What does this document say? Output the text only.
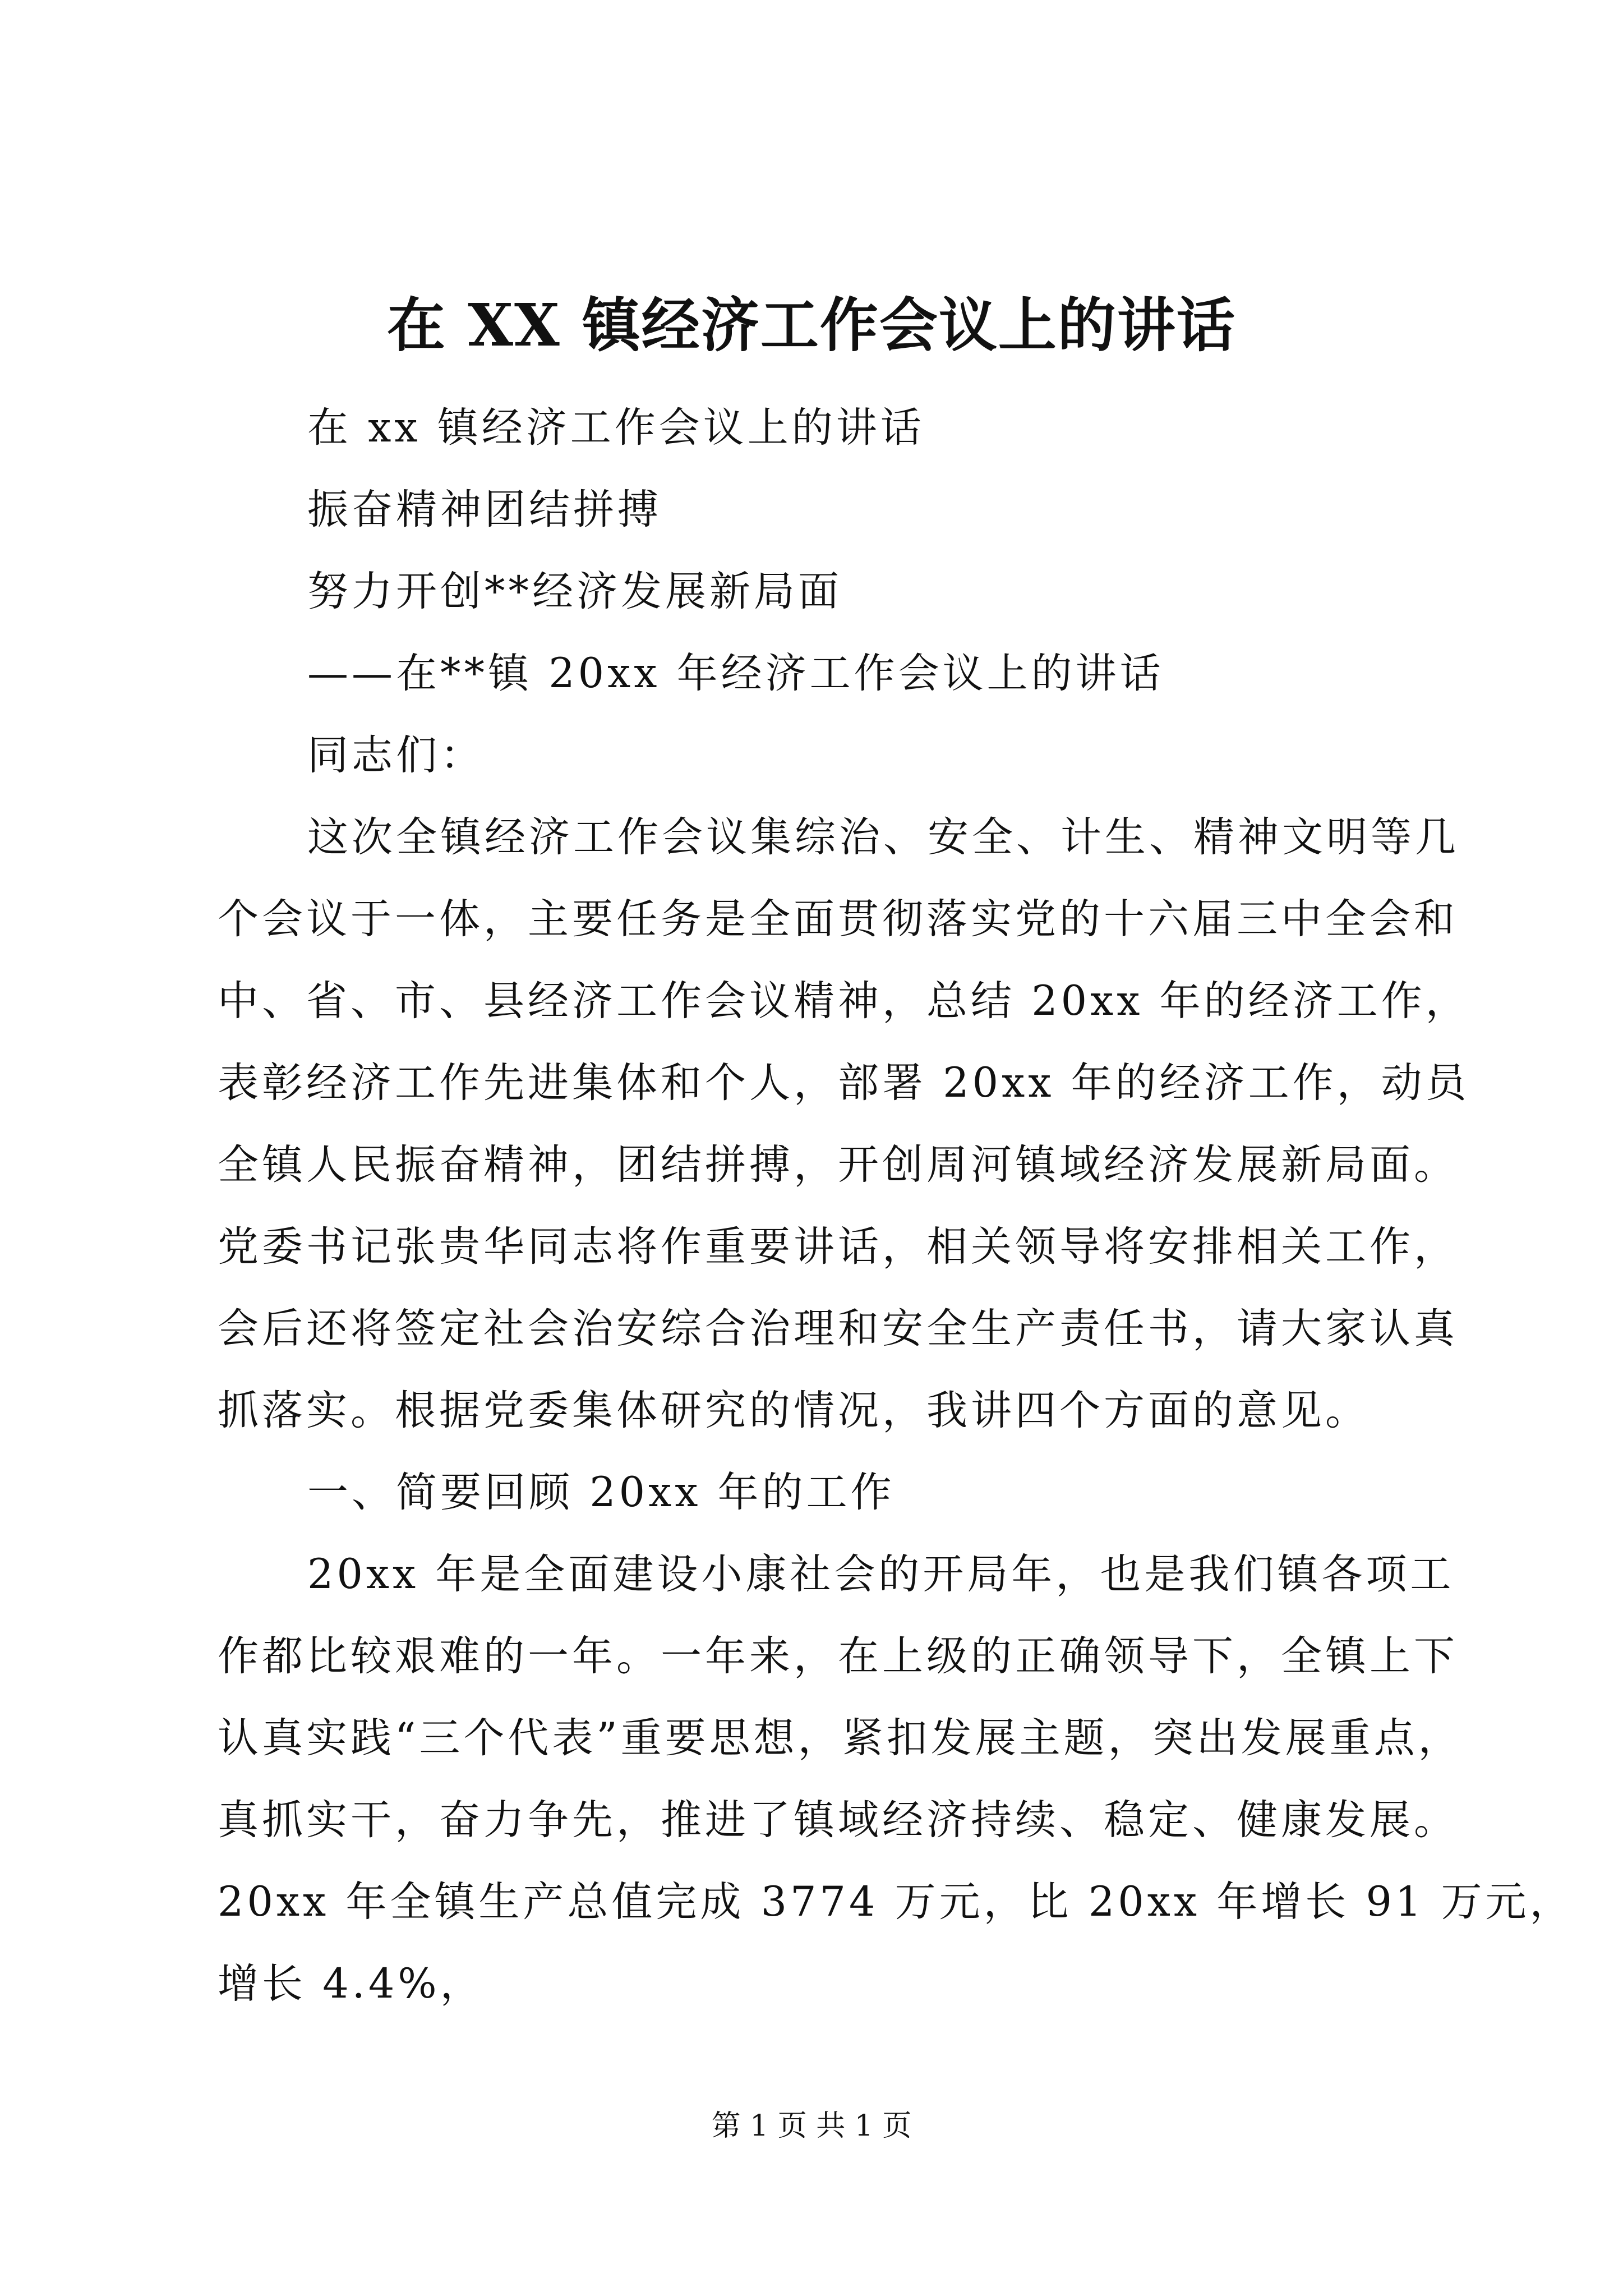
在 XX 镇经济工作会议上的讲话
在 xx 镇经济工作会议上的讲话
振奋精神团结拼搏
努力开创**经济发展新局面
——在**镇 20xx 年经济工作会议上的讲话
同志们：
这次全镇经济工作会议集综治、安全、计生、精神文明等几
个会议于一体，主要任务是全面贯彻落实党的十六届三中全会和
中、省、市、县经济工作会议精神，总结 20xx 年的经济工作，
表彰经济工作先进集体和个人，部署 20xx 年的经济工作，动员
全镇人民振奋精神，团结拼搏，开创周河镇域经济发展新局面。
党委书记张贵华同志将作重要讲话，相关领导将安排相关工作，
会后还将签定社会治安综合治理和安全生产责任书，请大家认真
抓落实。根据党委集体研究的情况，我讲四个方面的意见。
一、简要回顾 20xx 年的工作
20xx 年是全面建设小康社会的开局年，也是我们镇各项工
作都比较艰难的一年。一年来，在上级的正确领导下，全镇上下
认真实践“三个代表”重要思想，紧扣发展主题，突出发展重点，
真抓实干，奋力争先，推进了镇域经济持续、稳定、健康发展。
20xx 年全镇生产总值完成 3774 万元，比 20xx 年增长 91 万元，
增长 4.4%，
第 1 页 共 1 页
